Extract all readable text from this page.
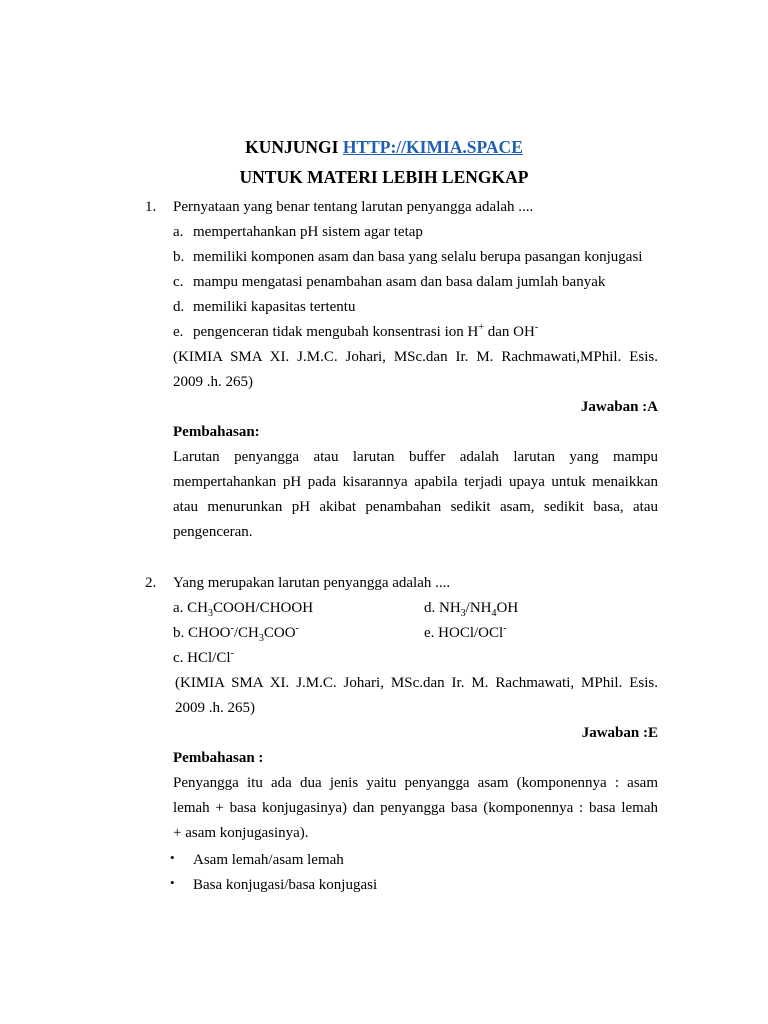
KUNJUNGI HTTP://KIMIA.SPACE
UNTUK MATERI LEBIH LENGKAP
1. Pernyataan yang benar tentang larutan penyangga adalah ....
a. mempertahankan pH sistem agar tetap
b. memiliki komponen asam dan basa yang selalu berupa pasangan konjugasi
c. mampu mengatasi penambahan asam dan basa dalam jumlah banyak
d. memiliki kapasitas tertentu
e. pengenceran tidak mengubah konsentrasi ion H+ dan OH-
(KIMIA SMA XI. J.M.C. Johari, MSc.dan Ir. M. Rachmawati,MPhil. Esis.
2009 .h. 265)
Jawaban :A
Pembahasan:
Larutan penyangga atau larutan buffer adalah larutan yang mampu
mempertahankan pH pada kisarannya apabila terjadi upaya untuk menaikkan
atau menurunkan pH akibat penambahan sedikit asam, sedikit basa, atau
pengenceran.
2. Yang merupakan larutan penyangga adalah ....
a. $CH_3COOH$/CHOOH	d. $NH_3/NH_4OH$
b. $CHOO^-/CH_3COO^-$	e. HOCl/OCl-
c. HCl/Cl-
(KIMIA SMA XI. J.M.C. Johari, MSc.dan Ir. M. Rachmawati, MPhil. Esis.
2009 .h. 265)
Jawaban :E
Pembahasan :
Penyangga itu ada dua jenis yaitu penyangga asam (komponennya : asam
lemah + basa konjugasinya) dan penyangga basa (komponennya : basa lemah
+ asam konjugasinya).
• Asam lemah/asam lemah
• Basa konjugasi/basa konjugasi
